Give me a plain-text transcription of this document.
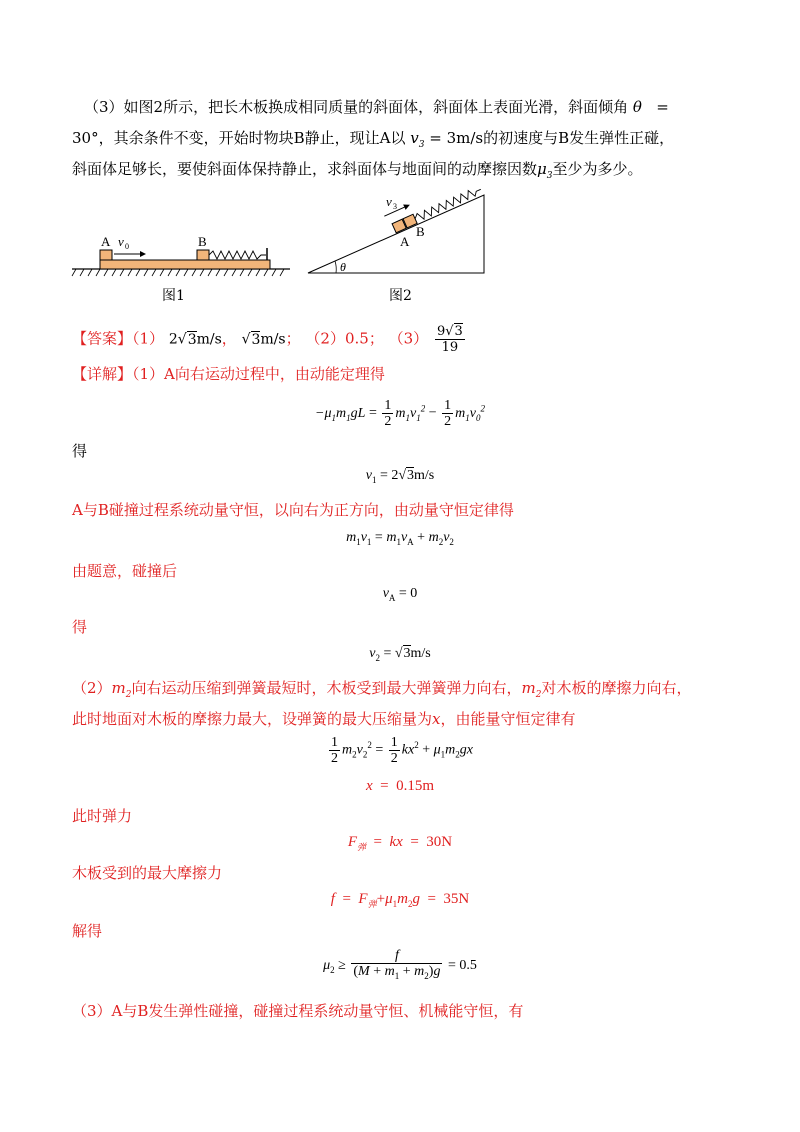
（3）如图2所示，把长木板换成相同质量的斜面体，斜面体上表面光滑，斜面倾角 θ =
30°，其余条件不变，开始时物块B静止，现让A以 $v_3 = 3m/s$的初速度与B发生弹性正碰，
斜面体足够长，要使斜面体保持静止，求斜面体与地面间的动摩擦因数$\mu_3$至少为多少。
A v 0	B
θ
A
B
v 3
图1	图2
【答案】（1） 2√3m/s， √3m/s； （2）0.5； $(3) \frac{9√3}{19}$
【详解】（1）A向右运动过程中，由动能定理得
$-\mu_1m_1gL = \frac{1}{2} m_1v_1^2 - \frac{1}{2} m_1v_0^2$
得
$v_1 = 2√3m/s$
A与B碰撞过程系统动量守恒，以向右为正方向，由动量守恒定律得
$m_1v_1 = m_1v_A + m_2v_2$
由题意，碰撞后
$v_A = 0$
得
$v_2 = √3m/s$
$(2)m_2$向右运动压缩到弹簧最短时，木板受到最大弹簧弹力向右，$m_2$对木板的摩擦力向右，
此时地面对木板的摩擦力最大，设弹簧的最大压缩量为x，由能量守恒定律有
$\frac{1}{2} m_2v_2^2 = \frac{1}{2} kx^2 + \mu_1m_2gx$
x  =  0.15m
此时弹力
$F_弹$  =  kx  =  30N
木板受到的最大摩擦力
$f = F_弹+\mu_1m_2g = 35N$
解得
$\mu_2 \ge \frac{f}{(M + m_1 + m_2)g} = 0.5$
（3）A与B发生弹性碰撞，碰撞过程系统动量守恒、机械能守恒，有
